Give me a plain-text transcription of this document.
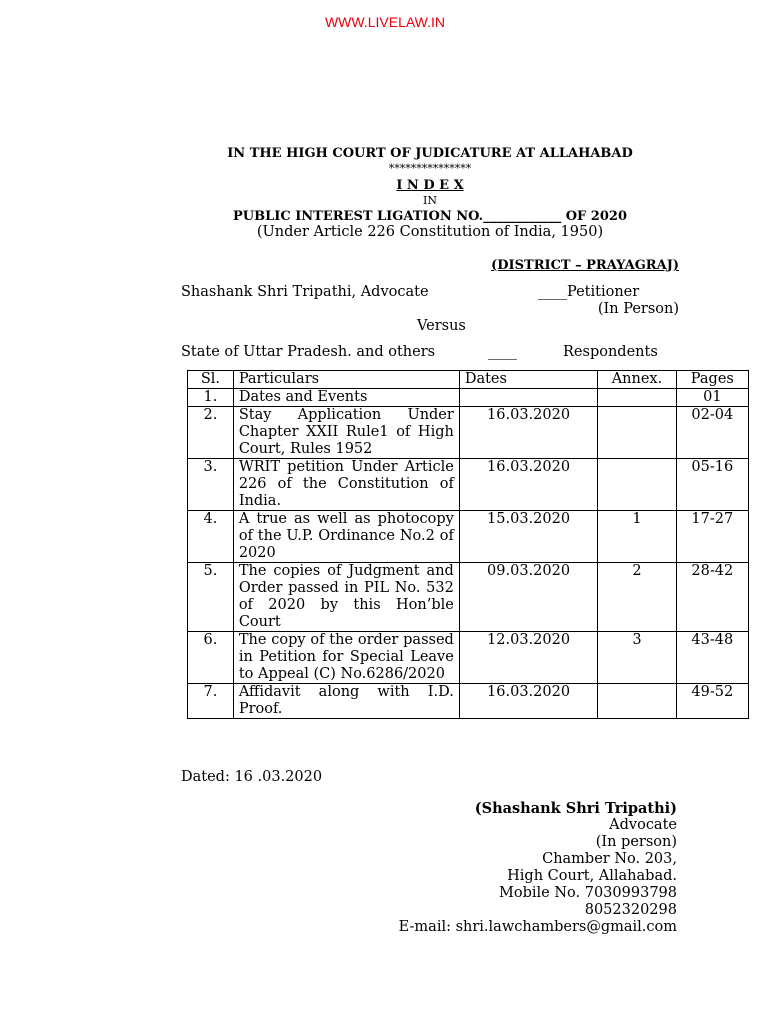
WWW.LIVELAW.IN
IN THE HIGH COURT OF JUDICATURE AT ALLAHABAD
***************
I N D E X
IN
PUBLIC INTEREST LIGATION NO.____________ OF 2020
(Under Article 226 Constitution of India, 1950)
(DISTRICT – PRAYAGRAJ)
Shashank Shri Tripathi, Advocate	____Petitioner
(In Person)
Versus
State of Uttar Pradesh. and others	____	Respondents
Sl.	Particulars	Dates	Annex.	Pages
1.	Dates and Events			01
2.	Stay Application Under Chapter XXII Rule1 of High Court, Rules 1952	16.03.2020		02-04
3.	WRIT petition Under Article 226 of the Constitution of India.	16.03.2020		05-16
4.	A true as well as photocopy of the U.P. Ordinance No.2 of 2020	15.03.2020	1	17-27
5.	The copies of Judgment and Order passed in PIL No. 532 of 2020 by this Hon’ble Court	09.03.2020	2	28-42
6.	The copy of the order passed in Petition for Special Leave to Appeal (C) No.6286/2020	12.03.2020	3	43-48
7.	Affidavit along with I.D. Proof.	16.03.2020		49-52
Dated: 16 .03.2020
(Shashank Shri Tripathi)
Advocate
(In person)
Chamber No. 203,
High Court, Allahabad.
Mobile No. 7030993798
8052320298
E-mail: shri.lawchambers@gmail.com
